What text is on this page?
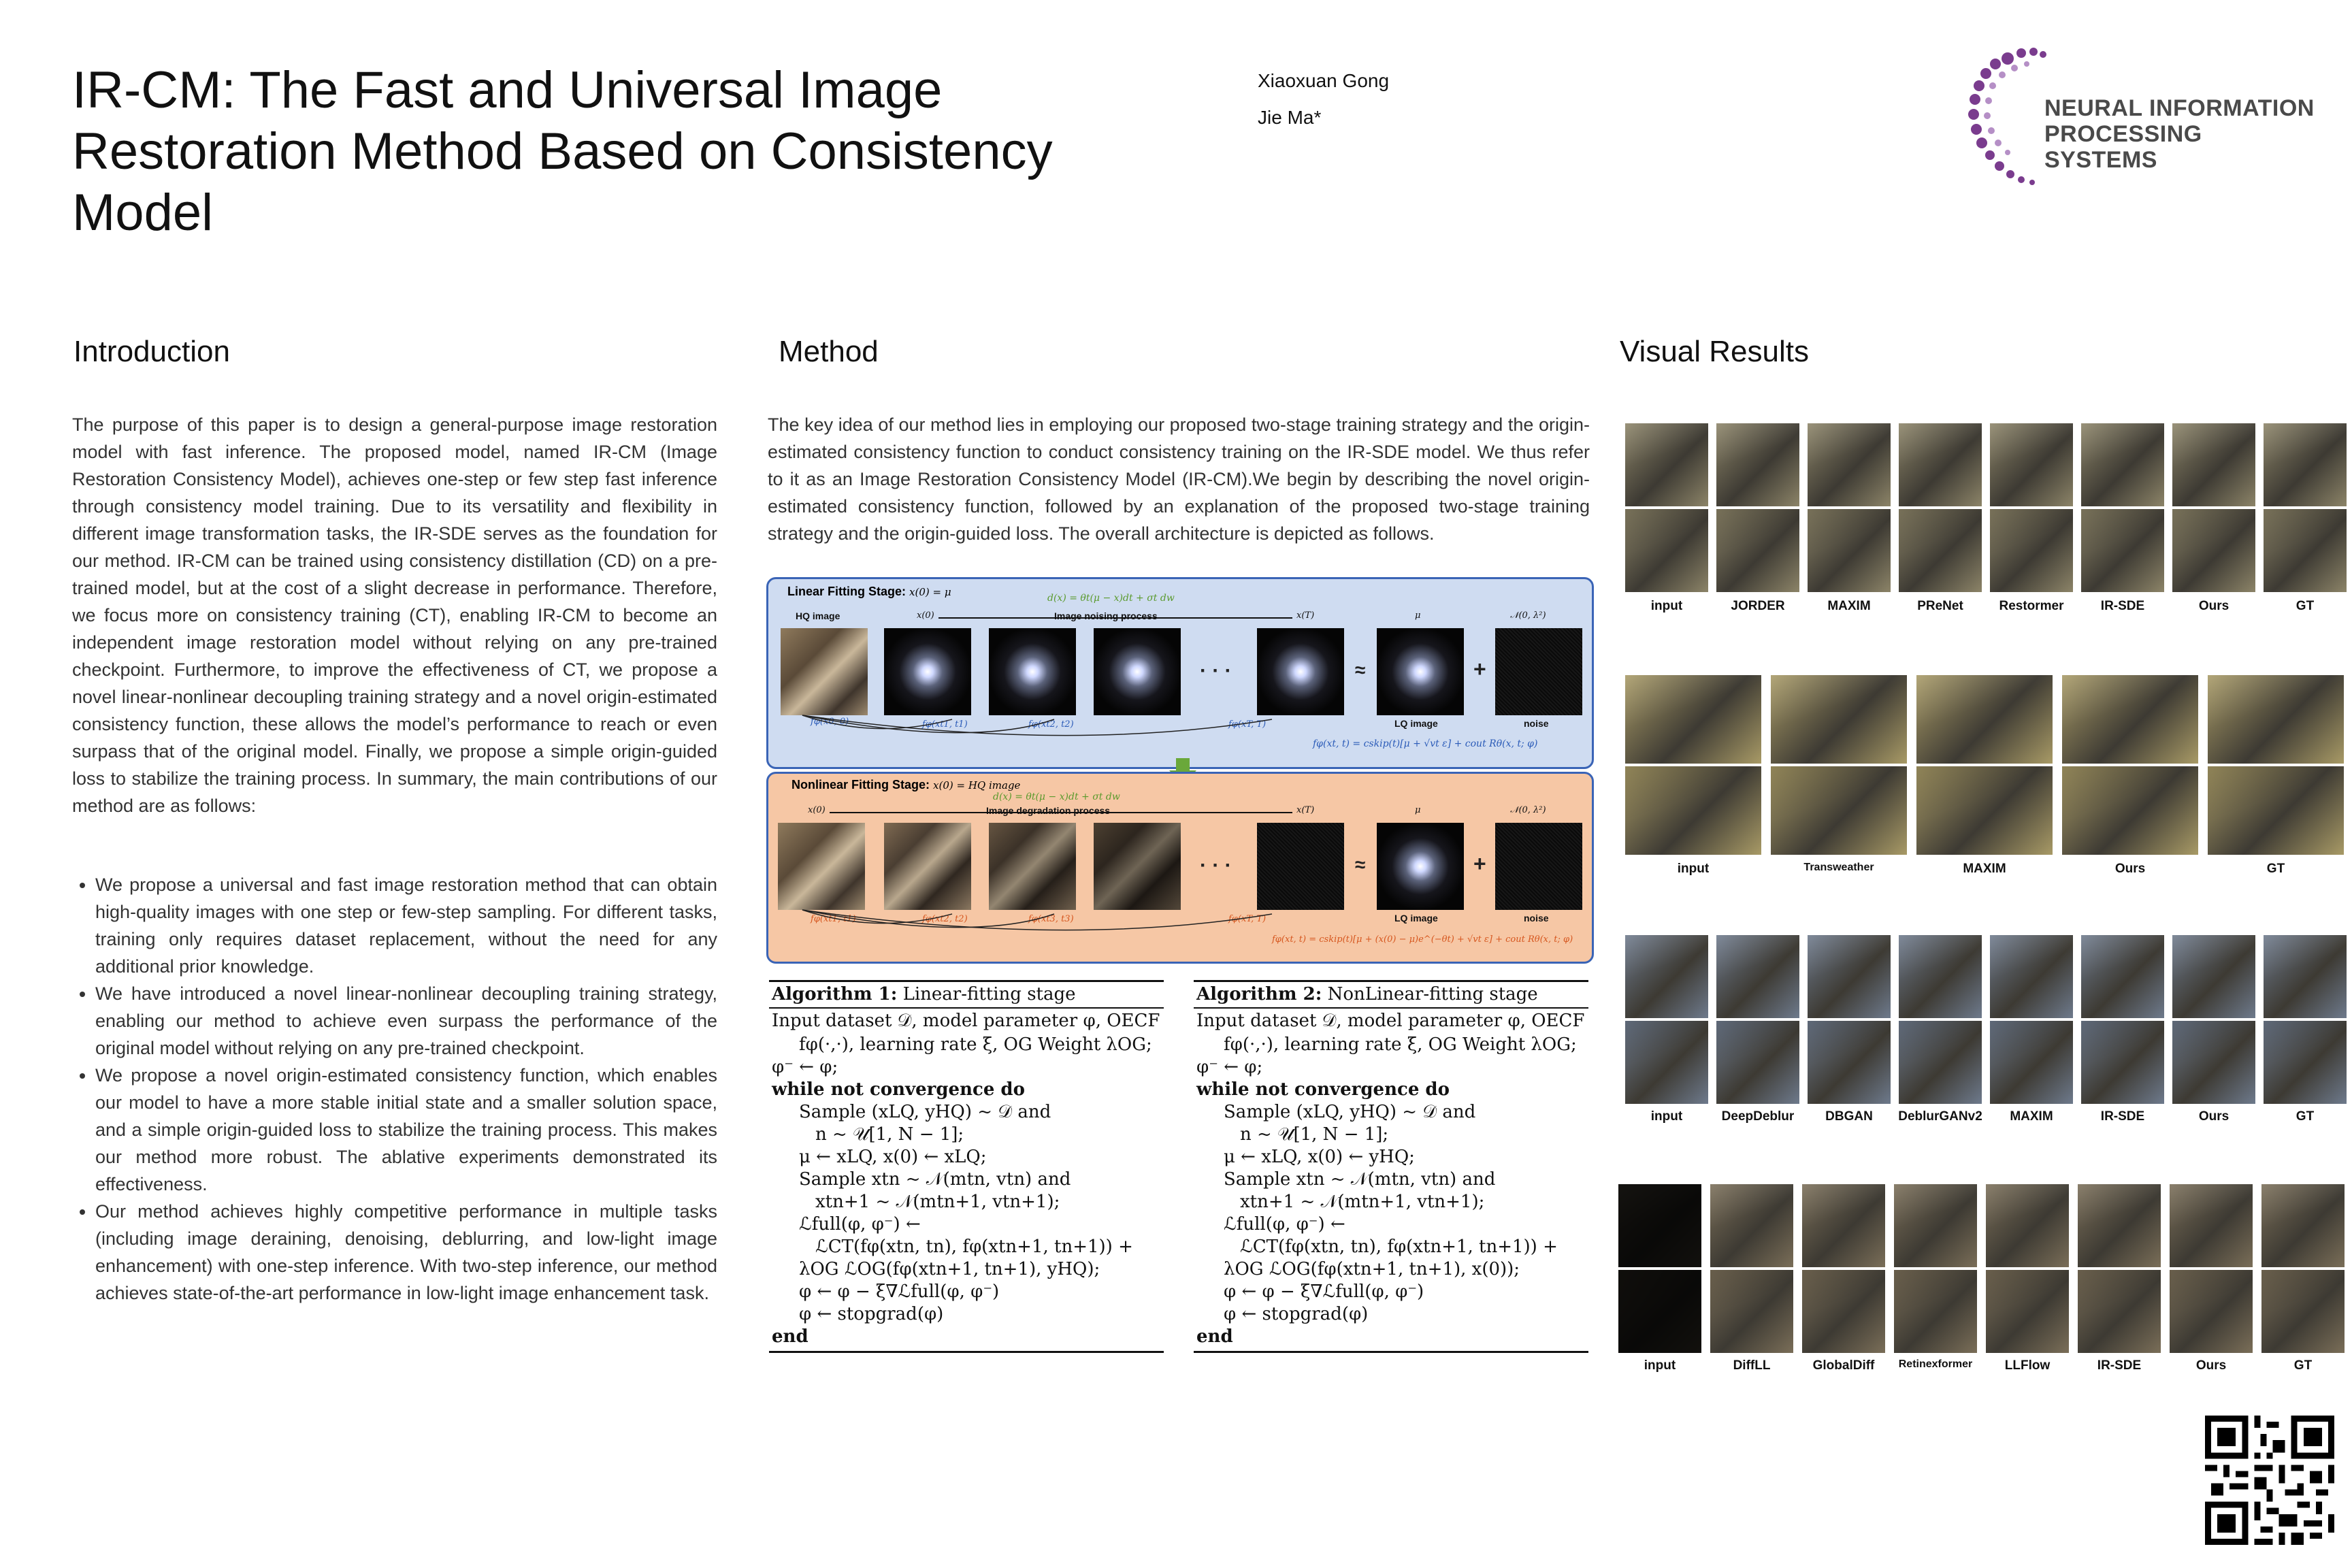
IR-CM: The Fast and Universal Image Restoration Method Based on Consistency Model
Xiaoxuan Gong
Jie Ma*	NEURAL INFORMATION
PROCESSING SYSTEMS
Introduction
The purpose of this paper is to design a general-purpose image restoration model with fast inference. The proposed model, named IR-CM (Image Restoration Consistency Model), achieves one-step or few step fast inference through consistency model training. Due to its versatility and flexibility in different image transformation tasks, the IR-SDE serves as the foundation for our method. IR-CM can be trained using consistency distillation (CD) on a pre-trained model, but at the cost of a slight decrease in performance. Therefore, we focus more on consistency training (CT), enabling IR-CM to become an independent image restoration model without relying on any pre-trained checkpoint. Furthermore, to improve the effectiveness of CT, we propose a novel linear-nonlinear decoupling training strategy and a novel origin-estimated consistency function, these allows the model’s performance to reach or even surpass that of the original model. Finally, we propose a simple origin-guided loss to stabilize the training process. In summary, the main contributions of our method are as follows:
• We propose a universal and fast image restoration method that can obtain high-quality images with one step or few-step sampling. For different tasks, training only requires dataset replacement, without the need for any additional prior knowledge.
• We have introduced a novel linear-nonlinear decoupling training strategy, enabling our method to achieve even surpass the performance of the original model without relying on any pre-trained checkpoint.
• We propose a novel origin-estimated consistency function, which enables our model to have a more stable initial state and a smaller solution space, and a simple origin-guided loss to stabilize the training process. This makes our method more robust. The ablative experiments demonstrated its effectiveness.
• Our method achieves highly competitive performance in multiple tasks (including image deraining, denoising, deblurring, and low-light image enhancement) with one-step inference. With two-step inference, our method achieves state-of-the-art performance in low-light image enhancement task.
Method
The key idea of our method lies in employing our proposed two-stage training strategy and the origin-estimated consistency function to conduct consistency training on the IR-SDE model. We thus refer to it as an Image Restoration Consistency Model (IR-CM).We begin by describing the novel origin-estimated consistency function, followed by an explanation of the proposed two-stage training strategy and the origin-guided loss. The overall architecture is depicted as follows.
Linear Fitting Stage: x(0) = μ	d(x) = θt(μ − x)dt + σt dw
HQ image	x(0)	Image noising process	x(T)	μ	𝒩(0, λ²)
· · ·	≈	+
LQ image	noise
fφ(x0, 0)	fφ(xt1, t1)	fφ(xt2, t2)	fφ(xT, T)
fφ(xt, t) = cskip(t)[μ + √vt ε] + cout Rθ(x, t; φ)
Nonlinear Fitting Stage: x(0) = HQ image
d(x) = θt(μ − x)dt + σt dw
x(0)	Image degradation process	x(T)	μ	𝒩(0, λ²)
· · ·	≈	+
LQ image	noise
fφ(xt1, t1)	fφ(xt2, t2)	fφ(xt3, t3)	fφ(xT, T)
fφ(xt, t) = cskip(t)[μ + (x(0) − μ)e^(−θt) + √vt ε] + cout Rθ(x, t; φ)
Algorithm 1: Linear-fitting stage
Input dataset 𝒟, model parameter φ, OECF
fφ(·,·), learning rate ξ, OG Weight λOG;
φ⁻ ← φ;
while not convergence do
Sample (xLQ, yHQ) ~ 𝒟 and
n ~ 𝒰[1, N − 1];
μ ← xLQ, x(0) ← xLQ;
Sample xtn ~ 𝒩(mtn, vtn) and
xtn+1 ~ 𝒩(mtn+1, vtn+1);
ℒfull(φ, φ⁻) ←
ℒCT(fφ(xtn, tn), fφ(xtn+1, tn+1)) +
λOG ℒOG(fφ(xtn+1, tn+1), yHQ);
φ ← φ − ξ∇ℒfull(φ, φ⁻)
φ ← stopgrad(φ)
end
Algorithm 2: NonLinear-fitting stage
Input dataset 𝒟, model parameter φ, OECF
fφ(·,·), learning rate ξ, OG Weight λOG;
φ⁻ ← φ;
while not convergence do
Sample (xLQ, yHQ) ~ 𝒟 and
n ~ 𝒰[1, N − 1];
μ ← xLQ, x(0) ← yHQ;
Sample xtn ~ 𝒩(mtn, vtn) and
xtn+1 ~ 𝒩(mtn+1, vtn+1);
ℒfull(φ, φ⁻) ←
ℒCT(fφ(xtn, tn), fφ(xtn+1, tn+1)) +
λOG ℒOG(fφ(xtn+1, tn+1), x(0));
φ ← φ − ξ∇ℒfull(φ, φ⁻)
φ ← stopgrad(φ)
end
Visual Results
input	JORDER	MAXIM	PReNet	Restormer	IR-SDE	Ours	GT
input	Transweather	MAXIM	Ours	GT
input	DeepDeblur	DBGAN	DeblurGANv2	MAXIM	IR-SDE	Ours	GT
input	DiffLL	GlobalDiff	Retinexformer	LLFlow	IR-SDE	Ours	GT
